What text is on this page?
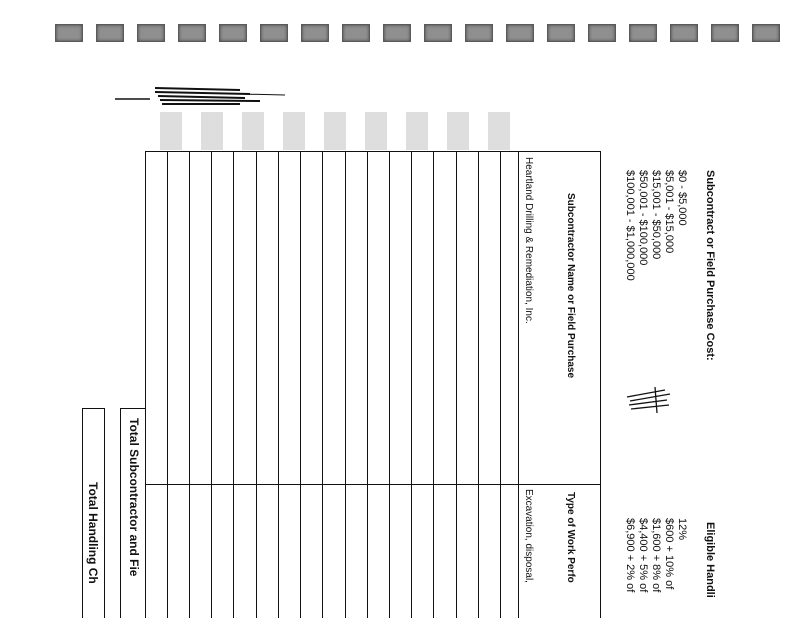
Subcontract or Field Purchase Cost:
Eligible Handli
$0 - $5,000
$5,001 - $15,000
$15,001 - $50,000
$50,001 - $100,000
$100,001 - $1,000,000
12%
$600 + 10% of
$1,600 + 8% of
$4,400 + 5% of
$6,900 + 2% of
Subcontractor Name or Field Purchase
Type of Work Perfo
Heartland Drilling & Remediation, Inc.
Excavation, disposal,
Total Subcontractor and Fie
Total Handling Ch
